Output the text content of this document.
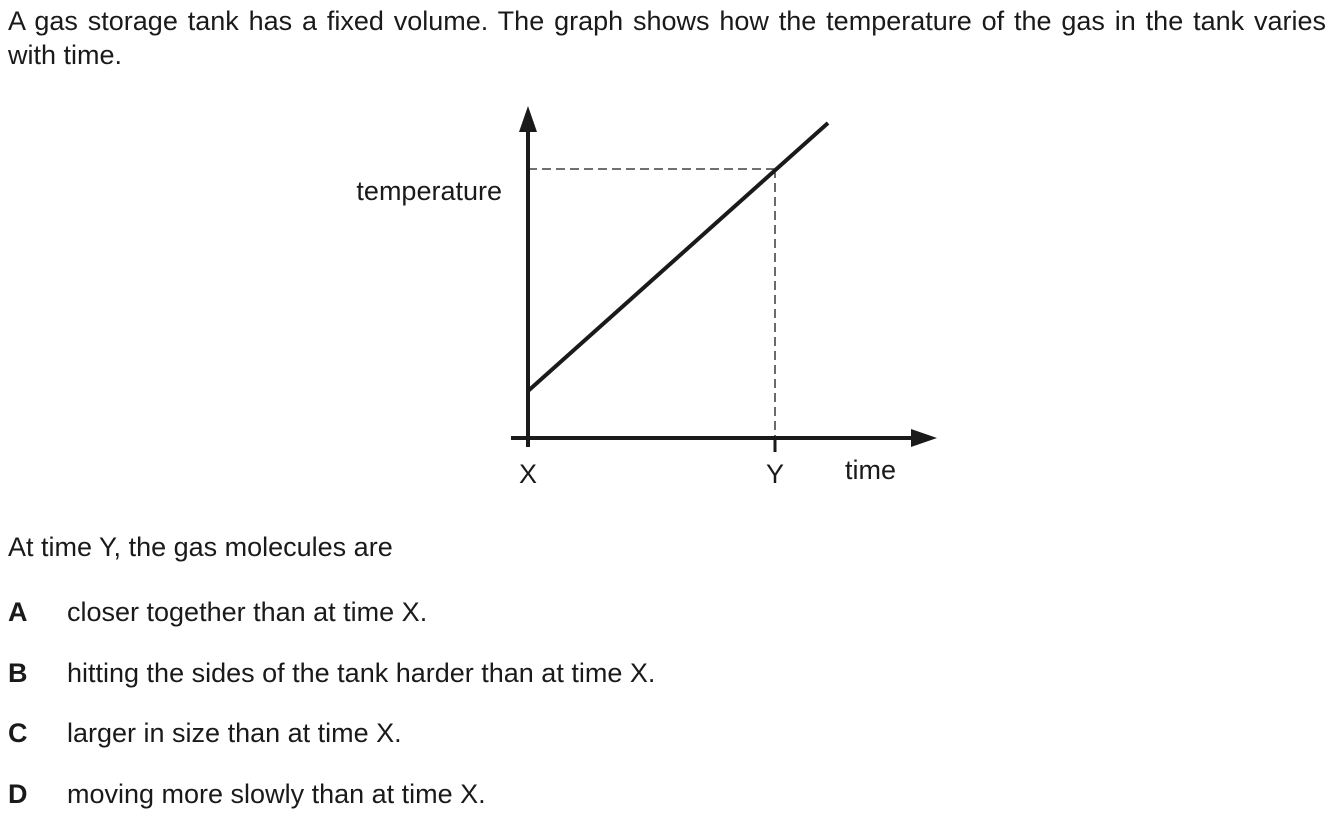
A gas storage tank has a fixed volume. The graph shows how the temperature of the gas in the tank varies with time.

temperature
time
X	Y

At time Y, the gas molecules are

A	closer together than at time X.
B	hitting the sides of the tank harder than at time X.
C	larger in size than at time X.
D	moving more slowly than at time X.
